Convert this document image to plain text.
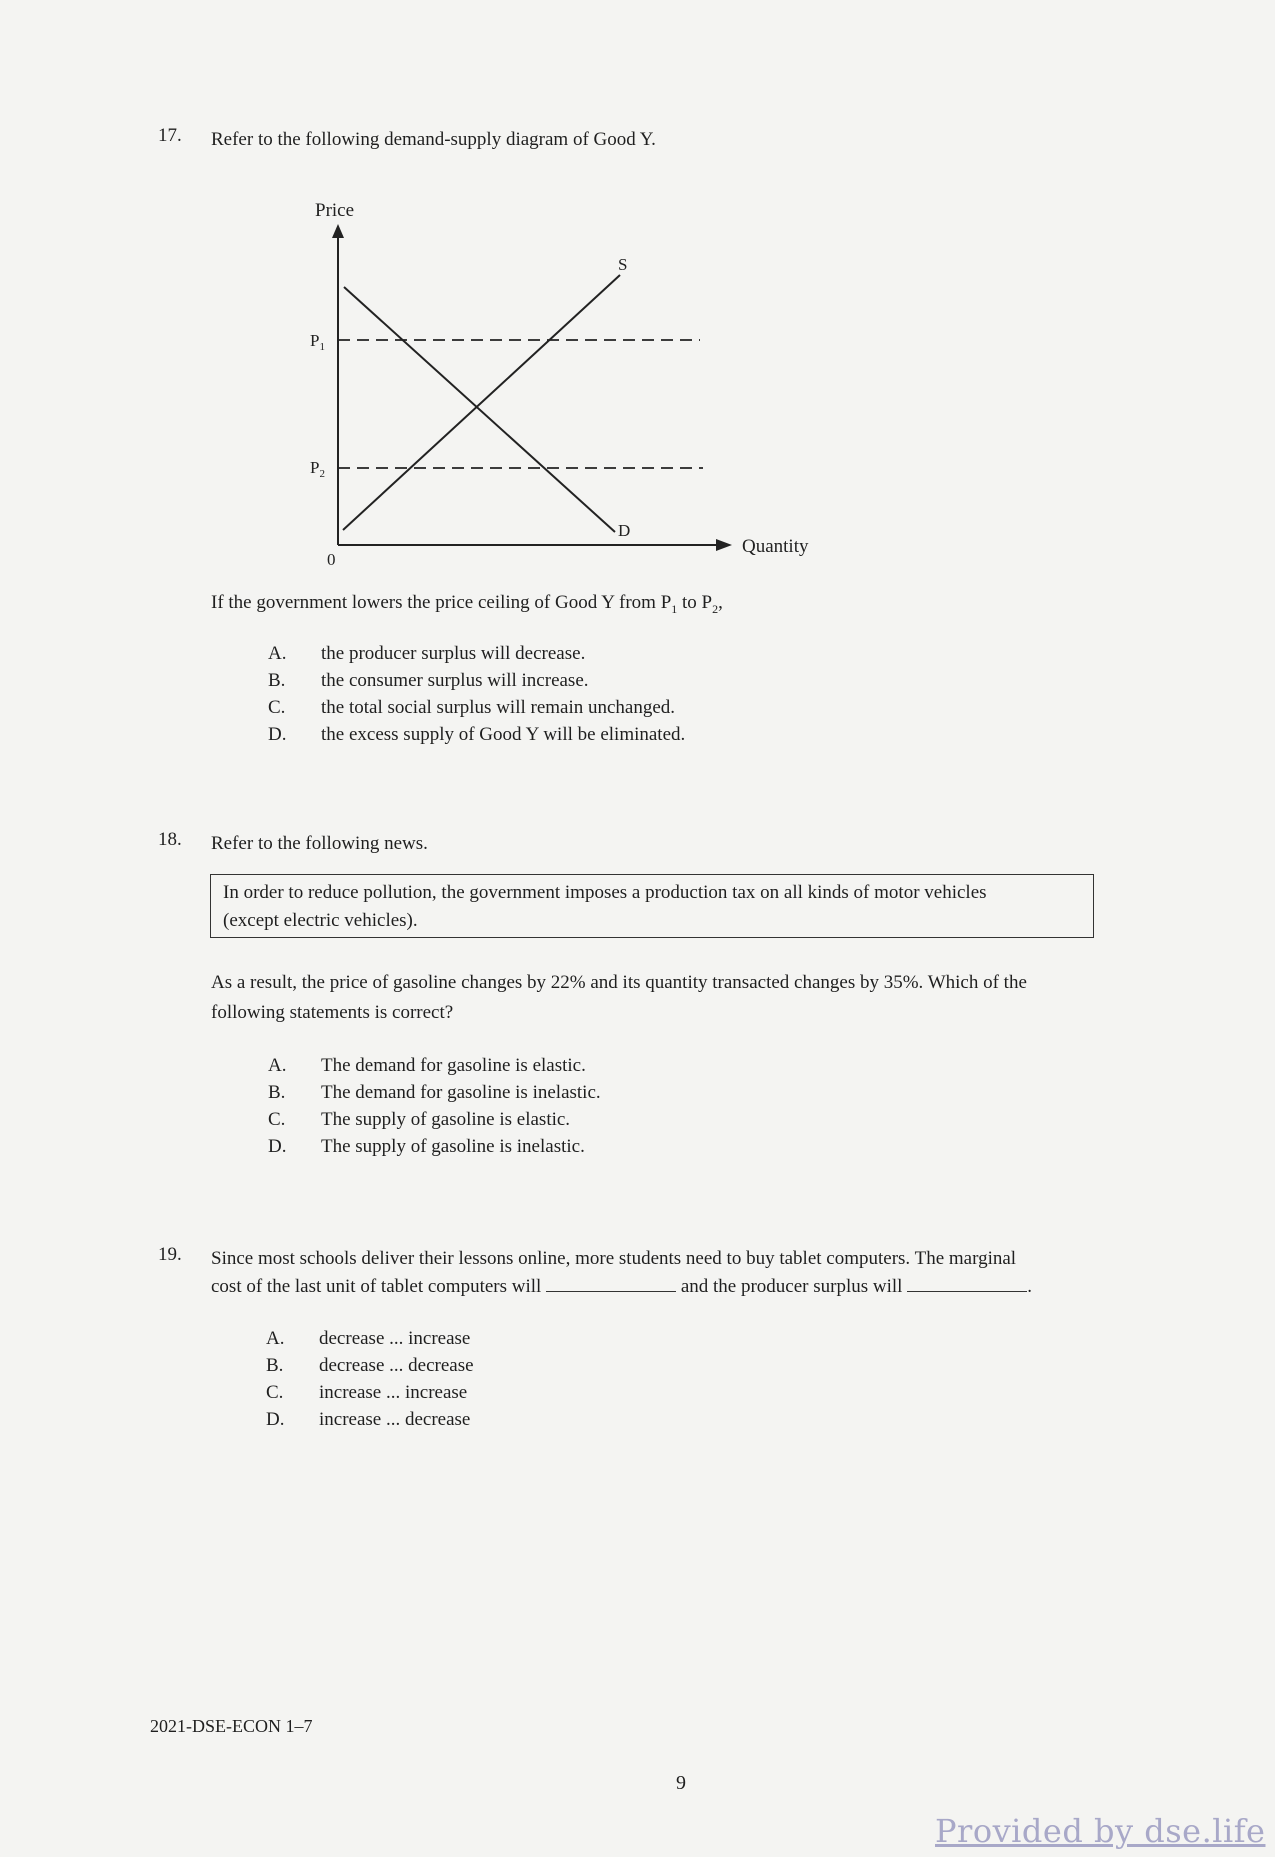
17. Refer to the following demand-supply diagram of Good Y.
Price
Quantity
0
$P_1$
$P_2$
S
D
If the government lowers the price ceiling of Good Y from $P_1$ to $P_2$,
A. the producer surplus will decrease.
B. the consumer surplus will increase.
C. the total social surplus will remain unchanged.
D. the excess supply of Good Y will be eliminated.
18. Refer to the following news.
In order to reduce pollution, the government imposes a production tax on all kinds of motor vehicles
(except electric vehicles).
As a result, the price of gasoline changes by 22% and its quantity transacted changes by 35%. Which of the
following statements is correct?
A. The demand for gasoline is elastic.
B. The demand for gasoline is inelastic.
C. The supply of gasoline is elastic.
D. The supply of gasoline is inelastic.
19. Since most schools deliver their lessons online, more students need to buy tablet computers. The marginal
cost of the last unit of tablet computers will	and the producer surplus will	.
A. decrease ... increase
B. decrease ... decrease
C. increase ... increase
D. increase ... decrease
2021-DSE-ECON 1–7
9
Provided by dse.life
